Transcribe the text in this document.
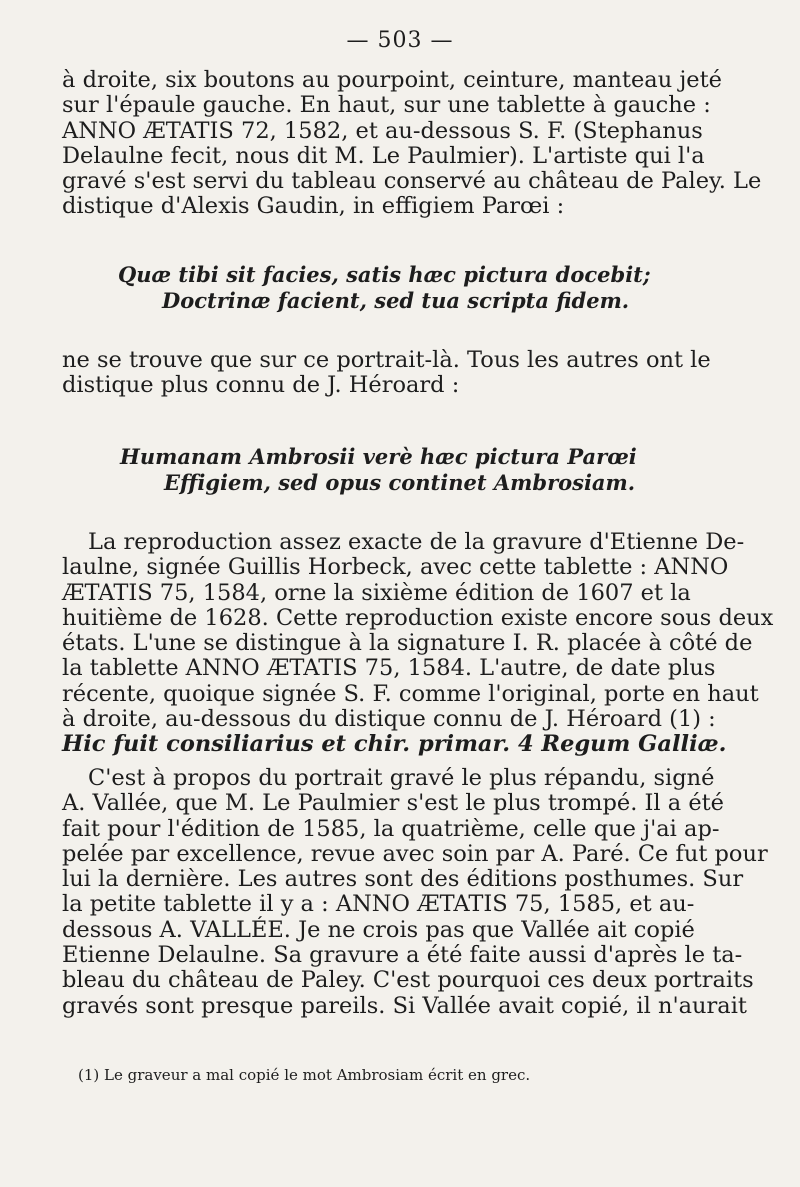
— 503 —
à droite, six boutons au pourpoint, ceinture, manteau jeté
sur l'épaule gauche. En haut, sur une tablette à gauche :
ANNO ÆTATIS 72, 1582, et au-dessous S. F. (Stephanus
Delaulne fecit, nous dit M. Le Paulmier). L'artiste qui l'a
gravé s'est servi du tableau conservé au château de Paley. Le
distique d'Alexis Gaudin, in effigiem Parœi :
Quæ tibi sit facies, satis hæc pictura docebit;
Doctrinæ facient, sed tua scripta fidem.
ne se trouve que sur ce portrait-là. Tous les autres ont le
distique plus connu de J. Héroard :
Humanam Ambrosii verè hæc pictura Parœi
Effigiem, sed opus continet Ambrosiam.
La reproduction assez exacte de la gravure d'Etienne De-
laulne, signée Guillis Horbeck, avec cette tablette : ANNO
ÆTATIS 75, 1584, orne la sixième édition de 1607 et la
huitième de 1628. Cette reproduction existe encore sous deux
états. L'une se distingue à la signature I. R. placée à côté de
la tablette ANNO ÆTATIS 75, 1584. L'autre, de date plus
récente, quoique signée S. F. comme l'original, porte en haut
à droite, au-dessous du distique connu de J. Héroard (1) :
Hic fuit consiliarius et chir. primar. 4 Regum Galliæ.
C'est à propos du portrait gravé le plus répandu, signé
A. Vallée, que M. Le Paulmier s'est le plus trompé. Il a été
fait pour l'édition de 1585, la quatrième, celle que j'ai ap-
pelée par excellence, revue avec soin par A. Paré. Ce fut pour
lui la dernière. Les autres sont des éditions posthumes. Sur
la petite tablette il y a : ANNO ÆTATIS 75, 1585, et au-
dessous A. VALLÉE. Je ne crois pas que Vallée ait copié
Etienne Delaulne. Sa gravure a été faite aussi d'après le ta-
bleau du château de Paley. C'est pourquoi ces deux portraits
gravés sont presque pareils. Si Vallée avait copié, il n'aurait
(1) Le graveur a mal copié le mot Ambrosiam écrit en grec.
